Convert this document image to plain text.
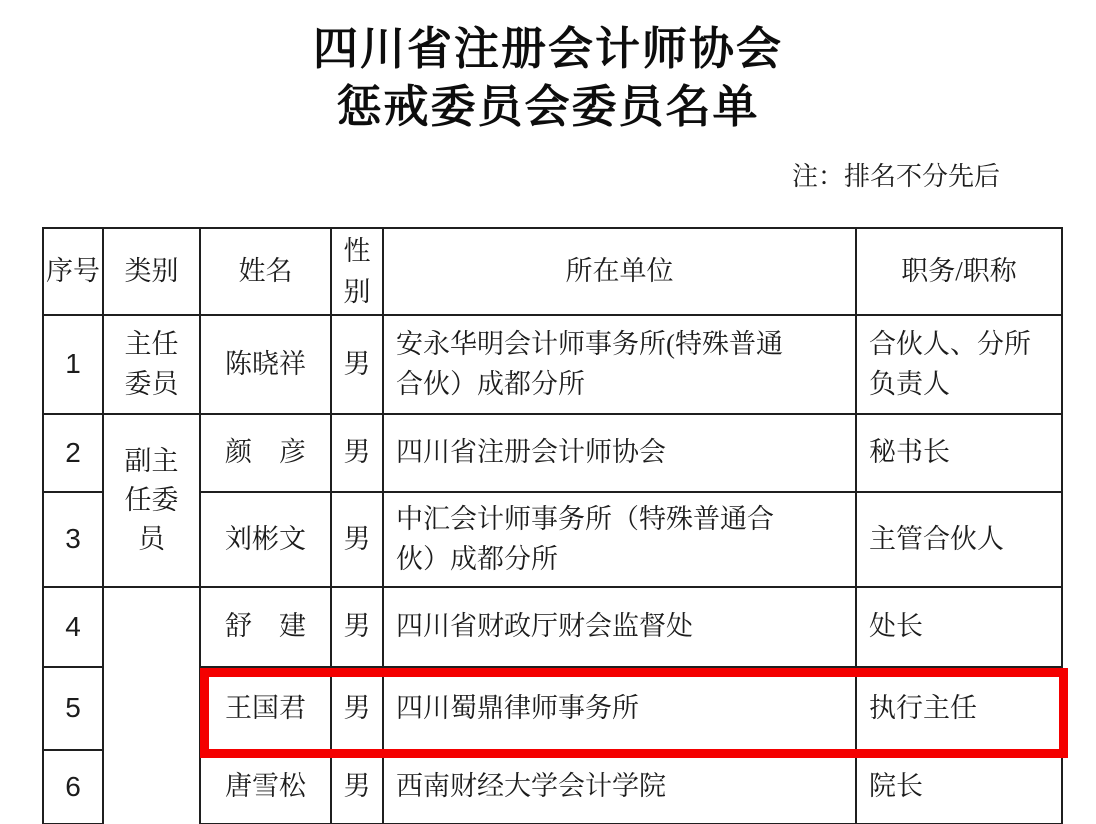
四川省注册会计师协会
惩戒委员会委员名单
注：排名不分先后
序号	类别	姓名	性别	所在单位	职务/职称
1	主任委员	陈晓祥	男	安永华明会计师事务所(特殊普通合伙）成都分所	合伙人、分所负责人
2	副主任委员	颜　彦	男	四川省注册会计师协会	秘书长
3		刘彬文	男	中汇会计师事务所（特殊普通合伙）成都分所	主管合伙人
4		舒　建	男	四川省财政厅财会监督处	处长
5		王国君	男	四川蜀鼎律师事务所	执行主任
6		唐雪松	男	西南财经大学会计学院	院长
